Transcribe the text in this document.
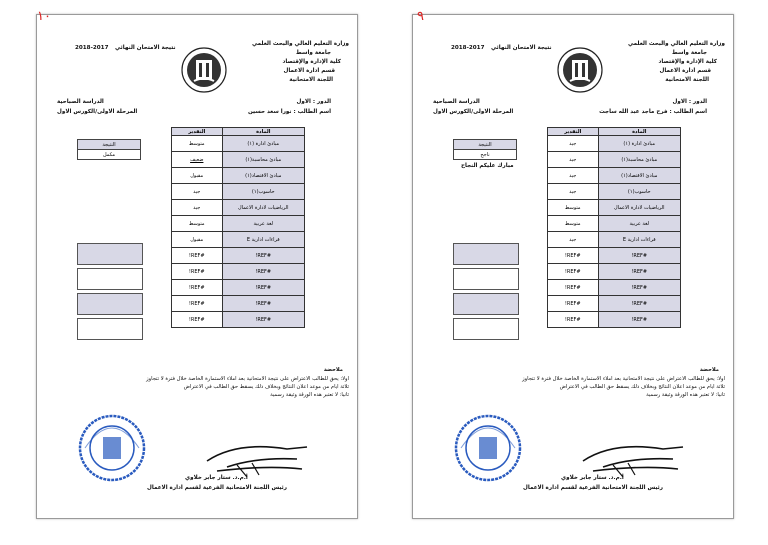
١٠
2018-2017 نتيجة الامتحان النهائي
وزارة التعليم العالي والبحث العلمي
جامعة واسط
كلية الإدارة والإقتصاد
قسم ادارة الاعمال
اللجنة الامتحانية
الدور : الاول
اسم الطالب : نورا سعد حسين
الدراسة الصباحية
المرحلة الاولى/الكورس الاول
التقدير	المادة
متوسط	مبادئ ادارة (١)
ضعيف	مبادئ محاسبة(١)
مقبول	مبادئ الاقتصاد(١)
جيد	حاسوب(١)
جيد	الرياضيات لادارة الاعمال
متوسط	لغة عربية
مقبول	قراءات ادارية E
#REF!	#REF!
#REF!	#REF!
#REF!	#REF!
#REF!	#REF!
#REF!	#REF!
النتيجة
مكمل
ملاحضة
اولا: يحق للطالب الاعتراض على نتيجة الامتحانية بعد املاء الاستمارة الخاصة خلال فترة لا تتجاوز
ثلاثة ايام من موعد اعلان النتائج وبخلاف ذلك يسقط حق الطالب في الاعتراض
ثانيا: لا تعتبر هذه الورقة وثيقة رسمية
أ.م.د. ستار جابر خلاوي
رئيس اللجنة الامتحانية الفرعية لقسم ادارة الاعمال
٩
2018-2017 نتيجة الامتحان النهائي
وزارة التعليم العالي والبحث العلمي
جامعة واسط
كلية الإدارة والإقتصاد
قسم ادارة الاعمال
اللجنة الامتحانية
الدور : الاول
اسم الطالب : فرح ماجد عبد الله ساجت
الدراسة الصباحية
المرحلة الاولى/الكورس الاول
التقدير	المادة
جيد	مبادئ ادارة (١)
جيد	مبادئ محاسبة(١)
جيد	مبادئ الاقتصاد(١)
جيد	حاسوب(١)
متوسط	الرياضيات لادارة الاعمال
متوسط	لغة عربية
جيد	قراءات ادارية E
#REF!	#REF!
#REF!	#REF!
#REF!	#REF!
#REF!	#REF!
#REF!	#REF!
النتيجة
ناجح
مبارك عليكم النجاح
ملاحضة
اولا: يحق للطالب الاعتراض على نتيجة الامتحانية بعد املاء الاستمارة الخاصة خلال فترة لا تتجاوز
ثلاثة ايام من موعد اعلان النتائج وبخلاف ذلك يسقط حق الطالب في الاعتراض
ثانيا: لا تعتبر هذه الورقة وثيقة رسمية
أ.م.د. ستار جابر خلاوي
رئيس اللجنة الامتحانية الفرعية لقسم ادارة الاعمال
